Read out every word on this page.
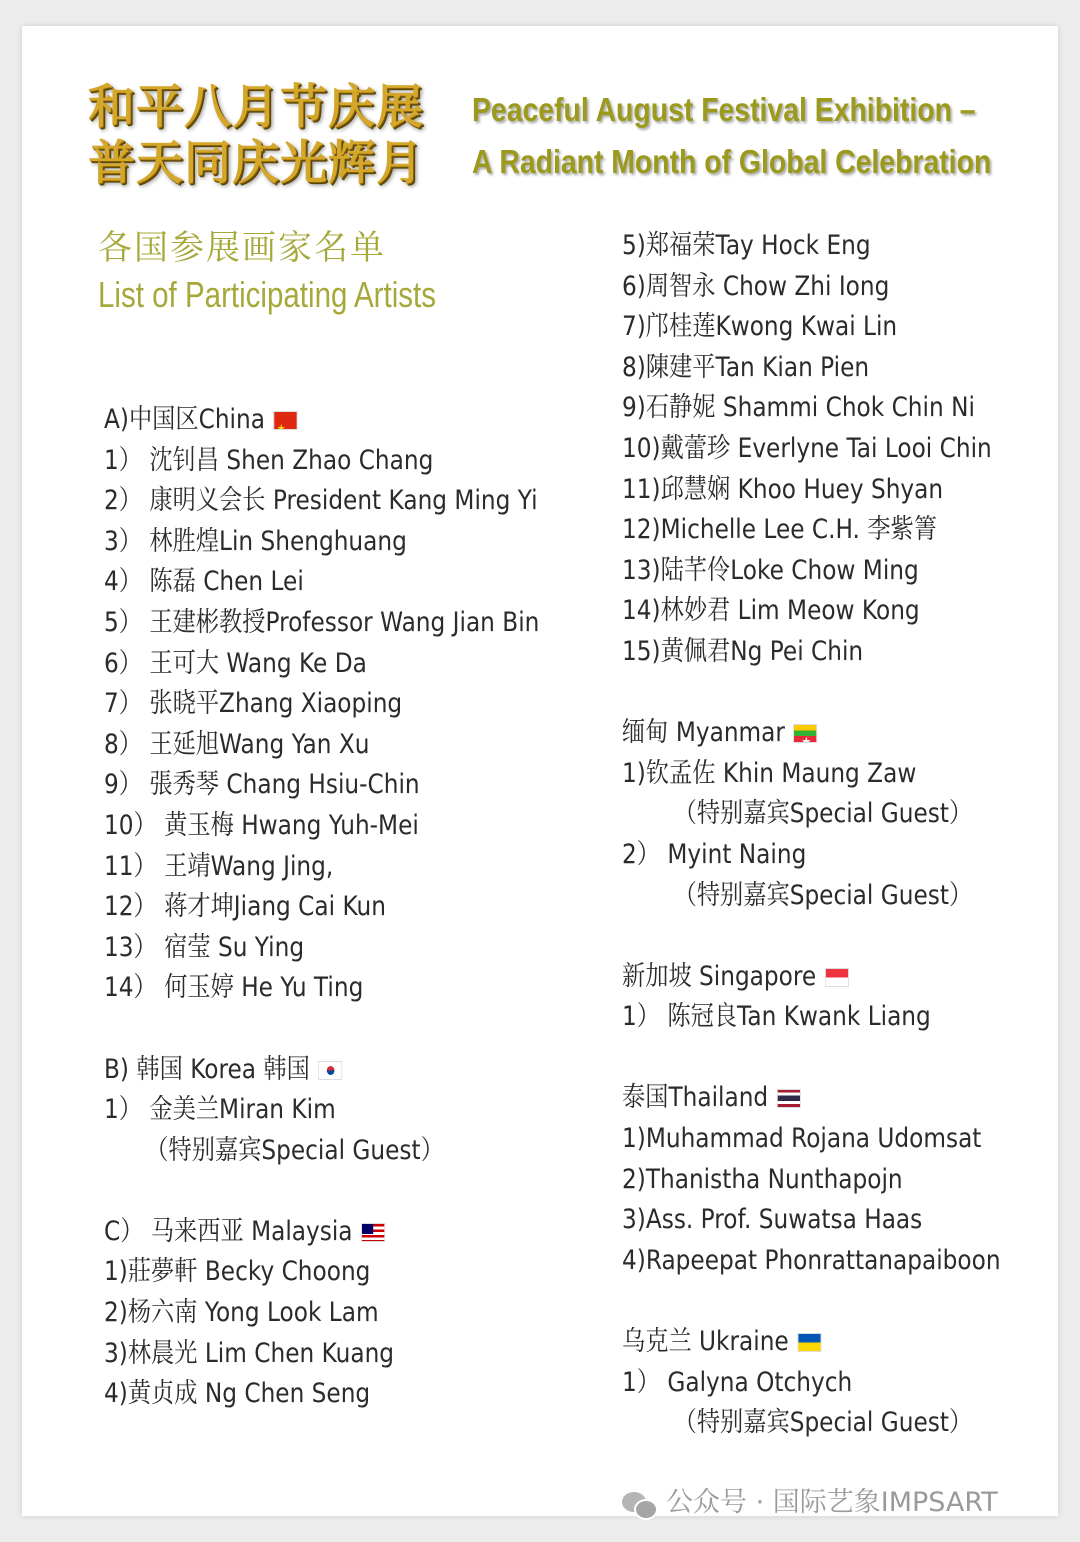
和平八月节庆展
普天同庆光辉月
Peaceful August Festival Exhibition –
A Radiant Month of Global Celebration
各国参展画家名单
List of Participating Artists
A)中国区China★
1） 沈钊昌 Shen Zhao Chang
2） 康明义会长 President Kang Ming Yi
3） 林胜煌Lin Shenghuang
4） 陈磊 Chen Lei
5） 王建彬教授Professor Wang Jian Bin
6） 王可大 Wang Ke Da
7） 张晓平Zhang Xiaoping
8） 王延旭Wang Yan Xu
9） 張秀琴 Chang Hsiu-Chin
10） 黄玉梅 Hwang Yuh-Mei
11） 王靖Wang Jing,
12） 蒋才坤Jiang Cai Kun
13） 宿莹 Su Ying
14） 何玉婷 He Yu Ting
B) 韩国 Korea 韩国
1） 金美兰Miran Kim
（特别嘉宾Special Guest）
C） 马来西亚 Malaysia
1)莊夢軒 Becky Choong
2)杨六南 Yong Look Lam
3)林晨光 Lim Chen Kuang
4)黄贞成 Ng Chen Seng
5)郑福荣Tay Hock Eng
6)周智永 Chow Zhi Iong
7)邝桂莲Kwong Kwai Lin
8)陳建平Tan Kian Pien
9)石静妮 Shammi Chok Chin Ni
10)戴蕾珍 Everlyne Tai Looi Chin
11)邱慧娴 Khoo Huey Shyan
12)Michelle Lee C.H. 李紫箐
13)陆芊伶Loke Chow Ming
14)林妙君 Lim Meow Kong
15)黄佩君Ng Pei Chin
缅甸 Myanmar★
1)钦孟佐 Khin Maung Zaw
（特别嘉宾Special Guest）
2） Myint Naing
（特别嘉宾Special Guest）
新加坡 Singapore
1） 陈冠良Tan Kwank Liang
泰国Thailand
1)Muhammad Rojana Udomsat
2)Thanistha Nunthapojn
3)Ass. Prof. Suwatsa Haas
4)Rapeepat Phonrattanapaiboon
乌克兰 Ukraine
1） Galyna Otchych
（特别嘉宾Special Guest）
公众号 · 国际艺象IMPSART
